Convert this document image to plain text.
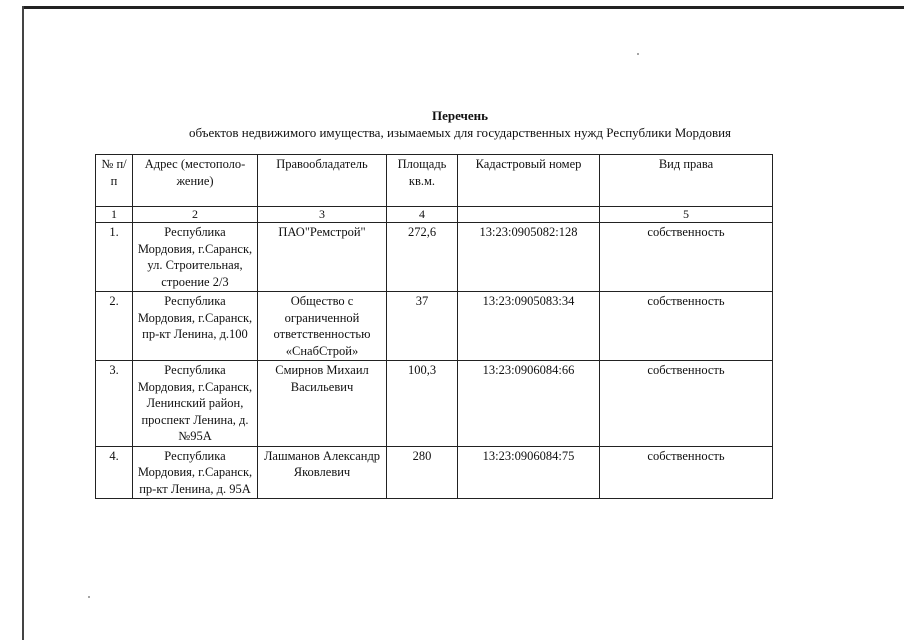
Перечень
объектов недвижимого имущества, изымаемых для государственных нужд Республики Мордовия
№ п/п	Адрес (местополо-жение)	Правообладатель	Площадь кв.м.	Кадастровый номер	Вид права
1	2	3	4		5
1.	Республика Мордовия, г.Саранск, ул. Строительная, строение 2/3	ПАО"Ремстрой"	272,6	13:23:0905082:128	собственность
2.	Республика Мордовия, г.Саранск, пр-кт Ленина, д.100	Общество с ограниченной ответственностью «СнабСтрой»	37	13:23:0905083:34	собственность
3.	Республика Мордовия, г.Саранск, Ленинский район, проспект Ленина, д. №95А	Смирнов Михаил Васильевич	100,3	13:23:0906084:66	собственность
4.	Республика Мордовия, г.Саранск, пр-кт Ленина, д. 95А	Лашманов Александр Яковлевич	280	13:23:0906084:75	собственность
